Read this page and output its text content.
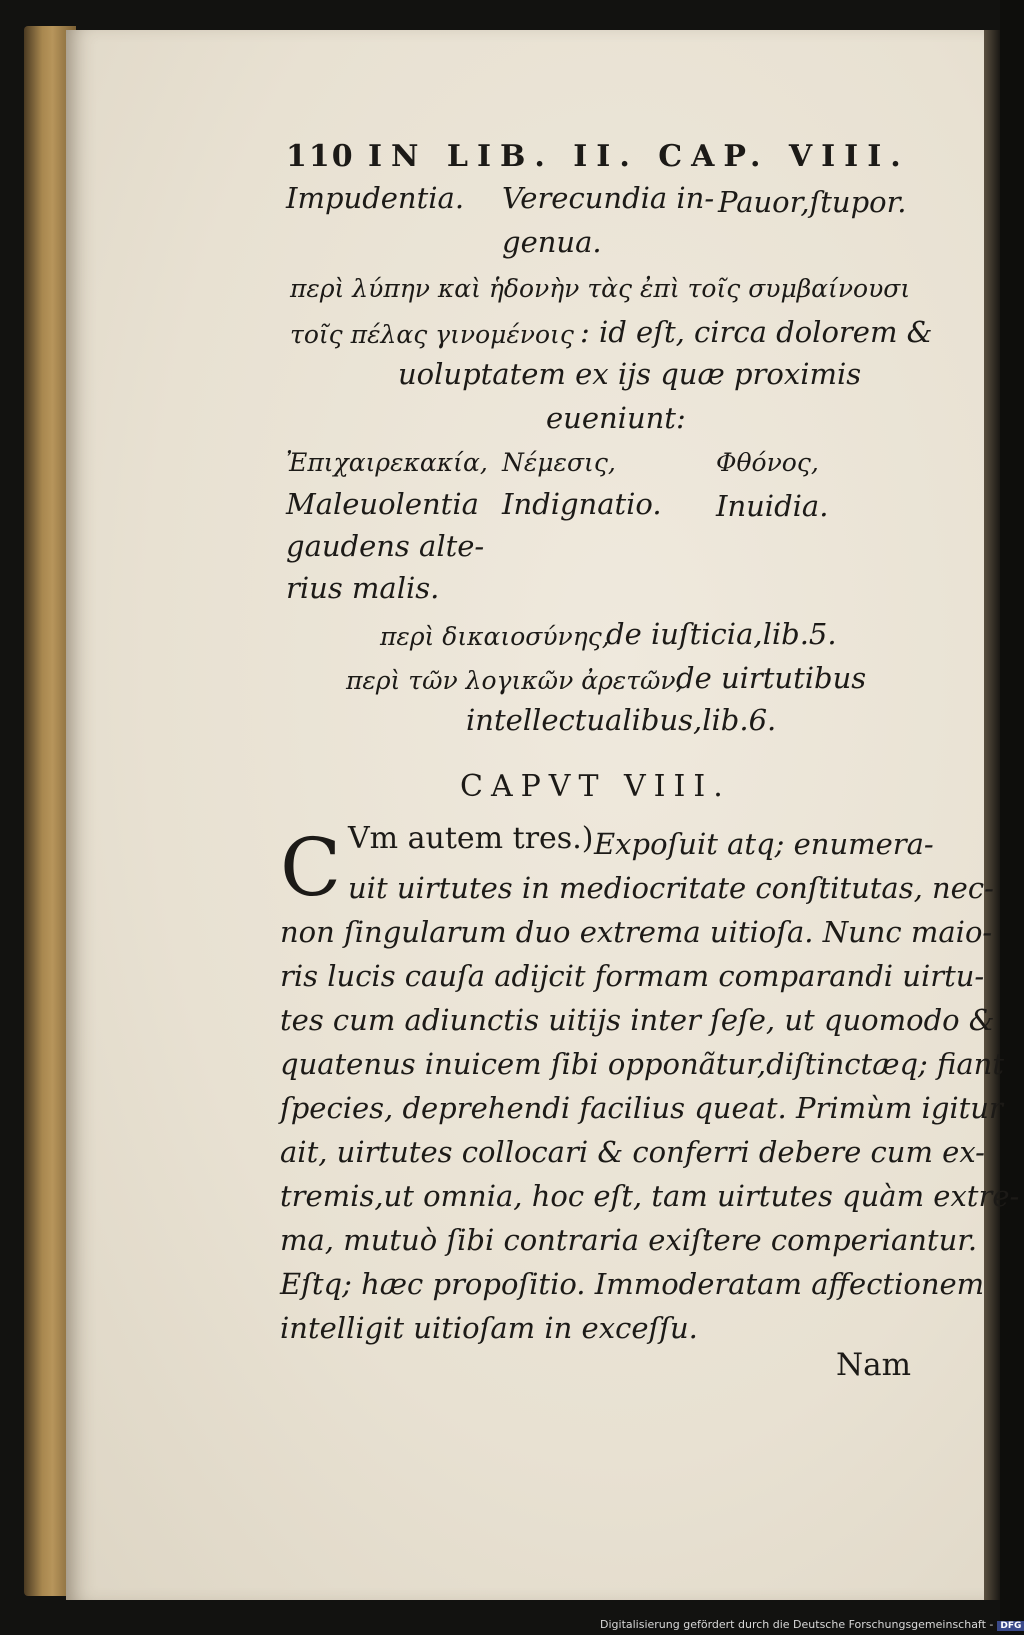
110 IN LIB. II. CAP. VIII.
Impudentia. Verecundia in- Pauor,ſtupor.
genua.
περὶ λύπην καὶ ἡδονὴν τὰς ἐπὶ τοῖς συμβαίνουσι
τοῖς πέλας γινομένοις : id eſt, circa dolorem &
uoluptatem ex ijs quæ proximis
eueniunt:
Ἐπιχαιρεκακία, Νέμεσις,	Φθόνος,
Maleuolentia Indignatio. Inuidia.
gaudens alte-
rius malis.
περὶ δικαιοσύνης,
de iuſticia,lib.5.
περὶ τῶν λογικῶν ἀρετῶν,
de uirtutibus
intellectualibus,lib.6.
CAPVT VIII.
C Vm autem tres.) Expoſuit atq; enumera-
uit uirtutes in mediocritate conſtitutas, nec-
non ſingularum duo extrema uitioſa. Nunc maio-
ris lucis cauſa adijcit formam comparandi uirtu-
tes cum adiunctis uitijs inter ſeſe, ut quomodo &
quatenus inuicem ſibi opponãtur,diſtinctæq; fiant
ſpecies, deprehendi facilius queat. Primùm igitur
ait, uirtutes collocari & conferri debere cum ex-
tremis,ut omnia, hoc eſt, tam uirtutes quàm extre-
ma, mutuò ſibi contraria exiſtere comperiantur.
Eſtq; hæc propoſitio. Immoderatam affectionem
intelligit uitioſam in exceſſu.
Nam
Digitalisierung gefördert durch die Deutsche Forschungsgemeinschaft - DFG
